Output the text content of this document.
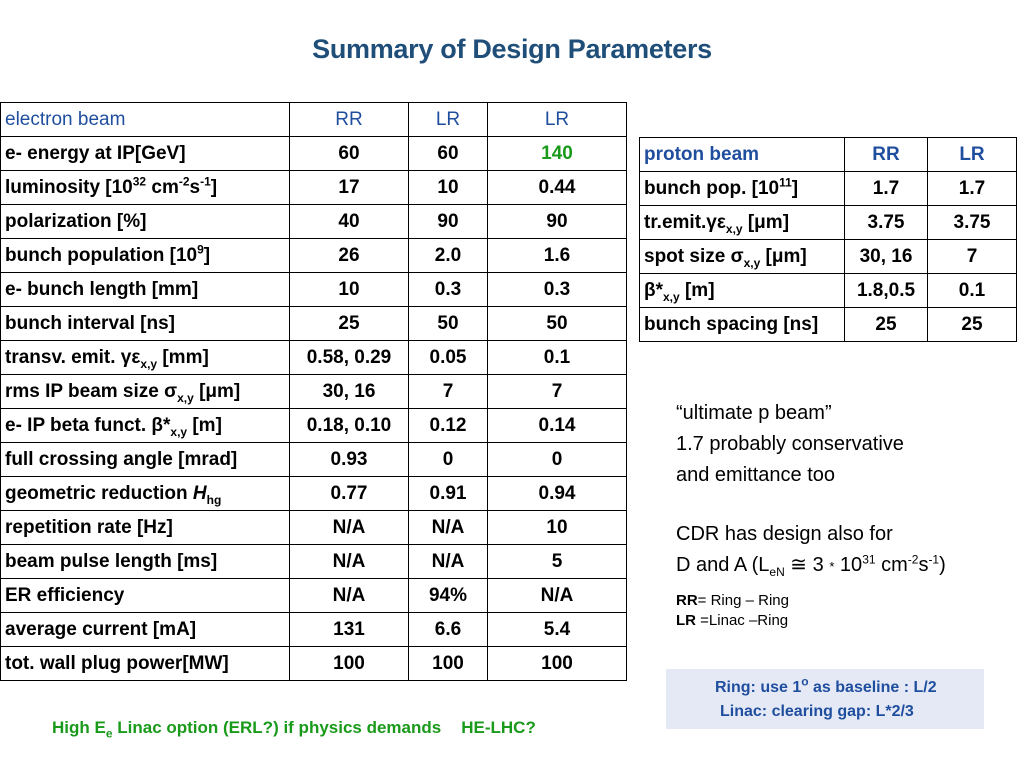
Summary of Design Parameters
electron beam	RR	LR	LR
e- energy at IP[GeV]	60	60	140
luminosity [$10^{32}$ $cm^{-2}s^{-1}$]	17	10	0.44
polarization [%]	40	90	90
bunch population $[10^9]$	26	2.0	1.6
e- bunch length [mm]	10	0.3	0.3
bunch interval [ns]	25	50	50
transv. emit. $\gamma\varepsilon_{x,y}$ [mm]	0.58, 0.29	0.05	0.1
rms IP beam size $\sigma_{x,y}$ [μm]	30, 16	7	7
e- IP beta funct. $\beta*_{x,y}$ [m]	0.18, 0.10	0.12	0.14
full crossing angle [mrad]	0.93	0	0
geometric reduction $H_{hg}$	0.77	0.91	0.94
repetition rate [Hz]	N/A	N/A	10
beam pulse length [ms]	N/A	N/A	5
ER efficiency	N/A	94%	N/A
average current [mA]	131	6.6	5.4
tot. wall plug power[MW]	100	100	100
proton beam	RR	LR
bunch pop. $[10^{11}]$	1.7	1.7
$tr.emit.\gamma\varepsilon_{x,y}$ [μm]	3.75	3.75
spot size $\sigma_{x,y}$ [μm]	30, 16	7
$\beta*_{x,y}$ [m]	1.8,0.5	0.1
bunch spacing [ns]	25	25

“ultimate p beam”

1.7 probably conservative

and emittance too

CDR has design also for

D and A ($L_{eN}$ ≅ $3 * 10^{31}$ $cm^{-2}s^{-1}$)

RR= Ring – Ring

LR =Linac –Ring

Ring: use 1$^o$ as baseline : L/2
Linac: clearing gap: L*2/3
High $E_e$ Linac option (ERL?) if physics demands HE-LHC?
